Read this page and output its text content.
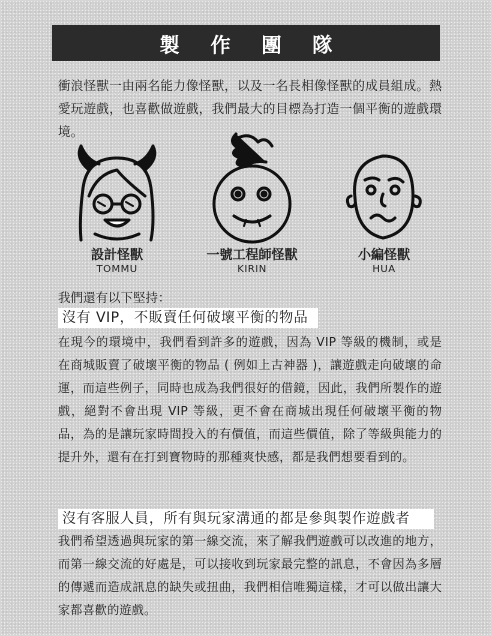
製 作 團 隊

衝浪怪獸一由兩名能力像怪獸，以及一名長相像怪獸的成員組成。熱愛玩遊戲，也喜歡做遊戲，我們最大的目標為打造一個平衡的遊戲環境。

設計怪獸
TOMMU
一號工程師怪獸
KIRIN
小編怪獸
HUA

我們還有以下堅持：

沒有 VIP，不販賣任何破壞平衡的物品

在現今的環境中，我們看到許多的遊戲，因為 VIP 等級的機制，或是在商城販賣了破壞平衡的物品 ( 例如上古神器 )，讓遊戲走向破壞的命運，而這些例子，同時也成為我們很好的借鏡，因此，我們所製作的遊戲，絕對不會出現 VIP 等級，更不會在商城出現任何破壞平衡的物品，為的是讓玩家時間投入的有價值，而這些價值，除了等級與能力的提升外，還有在打到寶物時的那種爽快感，都是我們想要看到的。

沒有客服人員，所有與玩家溝通的都是參與製作遊戲者

我們希望透過與玩家的第一線交流，來了解我們遊戲可以改進的地方，而第一線交流的好處是，可以接收到玩家最完整的訊息，不會因為多層的傳遞而造成訊息的缺失或扭曲，我們相信唯獨這樣，才可以做出讓大家都喜歡的遊戲。
